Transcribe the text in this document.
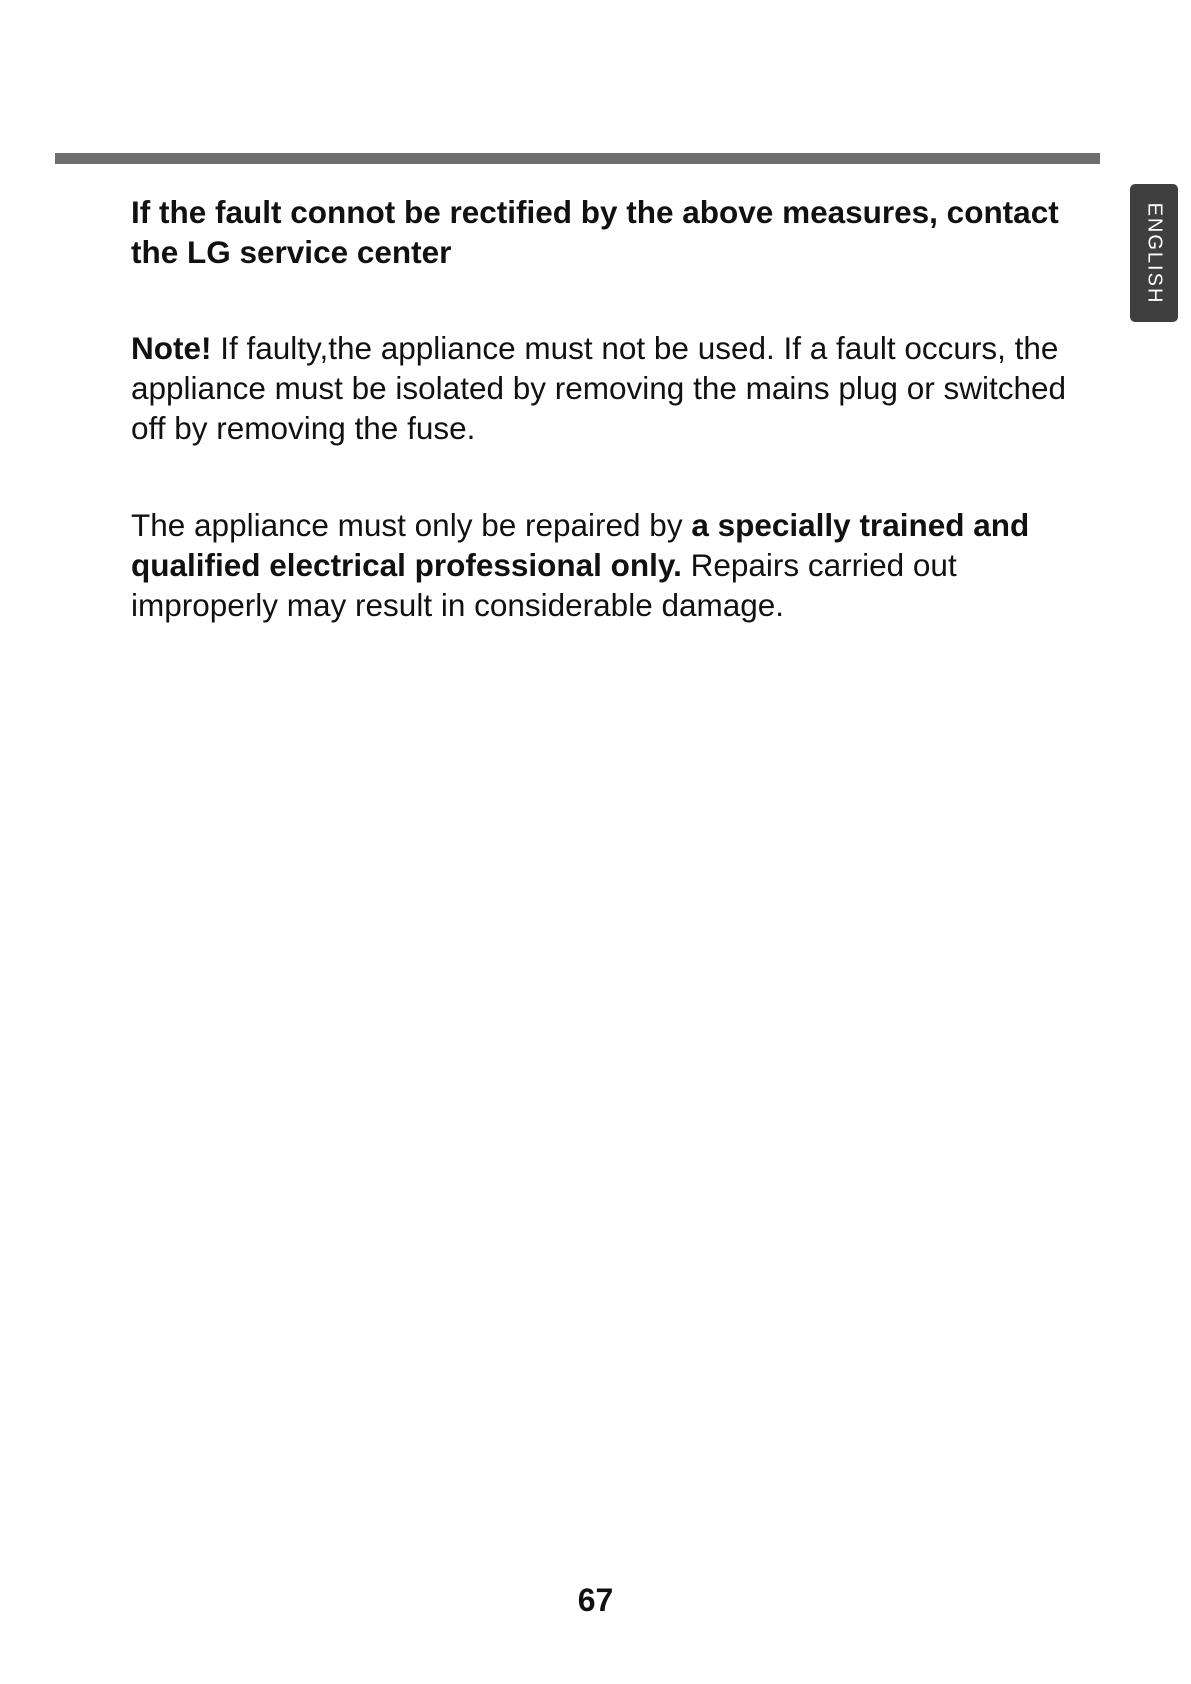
ENGLISH

If the fault connot be rectified by the above measures, contact the LG service center

Note! If faulty,the appliance must not be used. If a fault occurs, the appliance must be isolated by removing the mains plug or switched off by removing the fuse.

The appliance must only be repaired by a specially trained and qualified electrical professional only. Repairs carried out improperly may result in considerable damage.

67
